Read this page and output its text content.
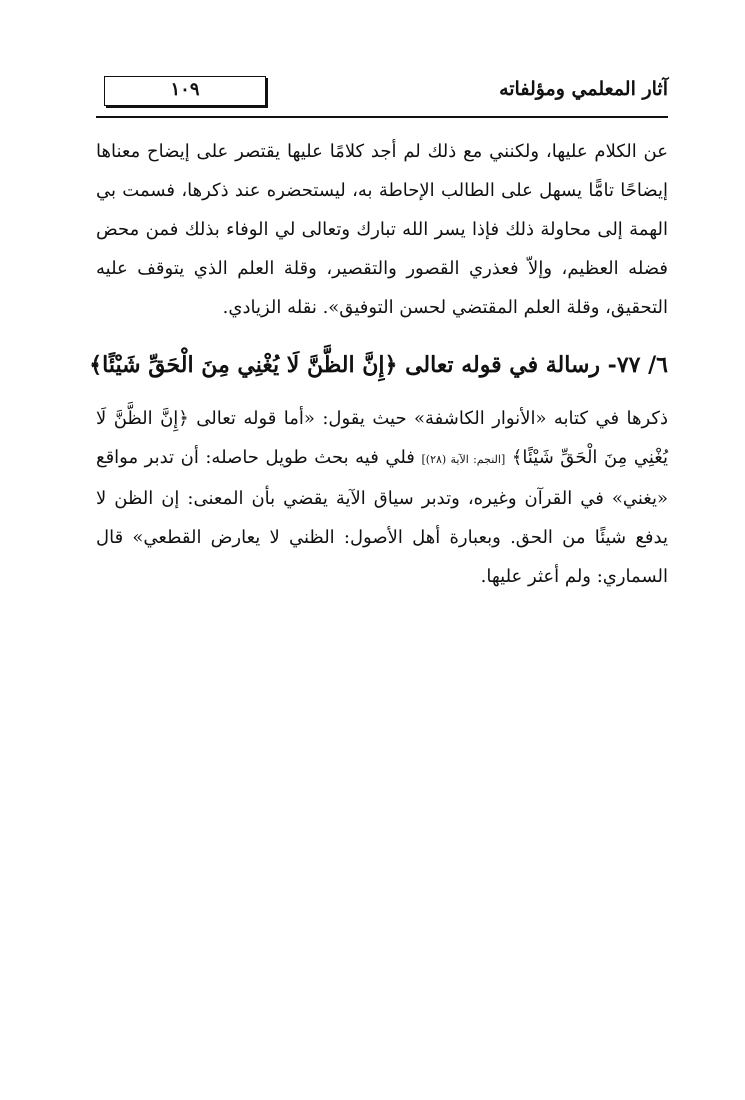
آثار المعلمي ومؤلفاته
١٠٩

عن الكلام عليها، ولكنني مع ذلك لم أجد كلامًا عليها يقتصر على إيضاح معناها إيضاحًا تامًّا يسهل على الطالب الإحاطة به، ليستحضره عند ذكرها، فسمت بي الهمة إلى محاولة ذلك فإذا يسر الله تبارك وتعالى لي الوفاء بذلك فمن محض فضله العظيم، وإلاّ فعذري القصور والتقصير، وقلة العلم الذي يتوقف عليه التحقيق، وقلة العلم المقتضي لحسن التوفيق». نقله الزيادي.

٦/ ٧٧- رسالة في قوله تعالى ﴿إِنَّ الظَّنَّ لَا يُغْنِي مِنَ الْحَقِّ شَيْئًا﴾

ذكرها في كتابه «الأنوار الكاشفة» حيث يقول: «أما قوله تعالى ﴿إِنَّ الظَّنَّ لَا يُغْنِي مِنَ الْحَقِّ شَيْئًا﴾ [النجم: الآية (٢٨)] فلي فيه بحث طويل حاصله: أن تدبر مواقع «يغني» في القرآن وغيره، وتدبر سياق الآية يقضي بأن المعنى: إن الظن لا يدفع شيئًا من الحق. وبعبارة أهل الأصول: الظني لا يعارض القطعي» قال السماري: ولم أعثر عليها.
